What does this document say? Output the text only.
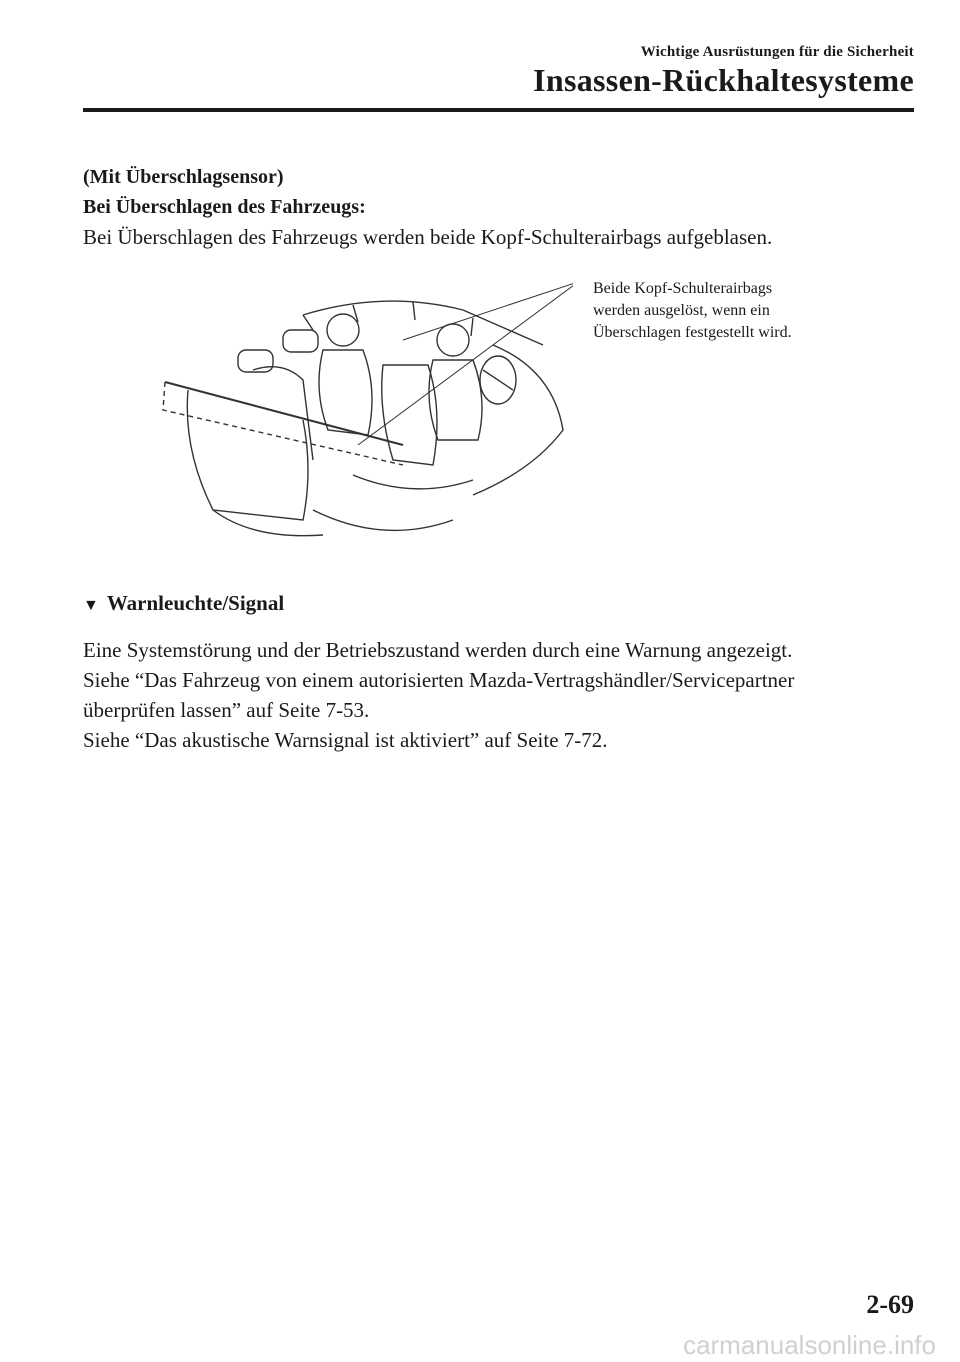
Wichtige Ausrüstungen für die Sicherheit
Insassen-Rückhaltesysteme
(Mit Überschlagsensor)
Bei Überschlagen des Fahrzeugs:
Bei Überschlagen des Fahrzeugs werden beide Kopf-Schulterairbags aufgeblasen.
Beide Kopf-Schulterairbags
werden ausgelöst, wenn ein
Überschlagen festgestellt wird.
▼ Warnleuchte/Signal
Eine Systemstörung und der Betriebszustand werden durch eine Warnung angezeigt.
Siehe “Das Fahrzeug von einem autorisierten Mazda-Vertragshändler/Servicepartner
überprüfen lassen” auf Seite 7-53.
Siehe “Das akustische Warnsignal ist aktiviert” auf Seite 7-72.
2-69
carmanualsonline.info
